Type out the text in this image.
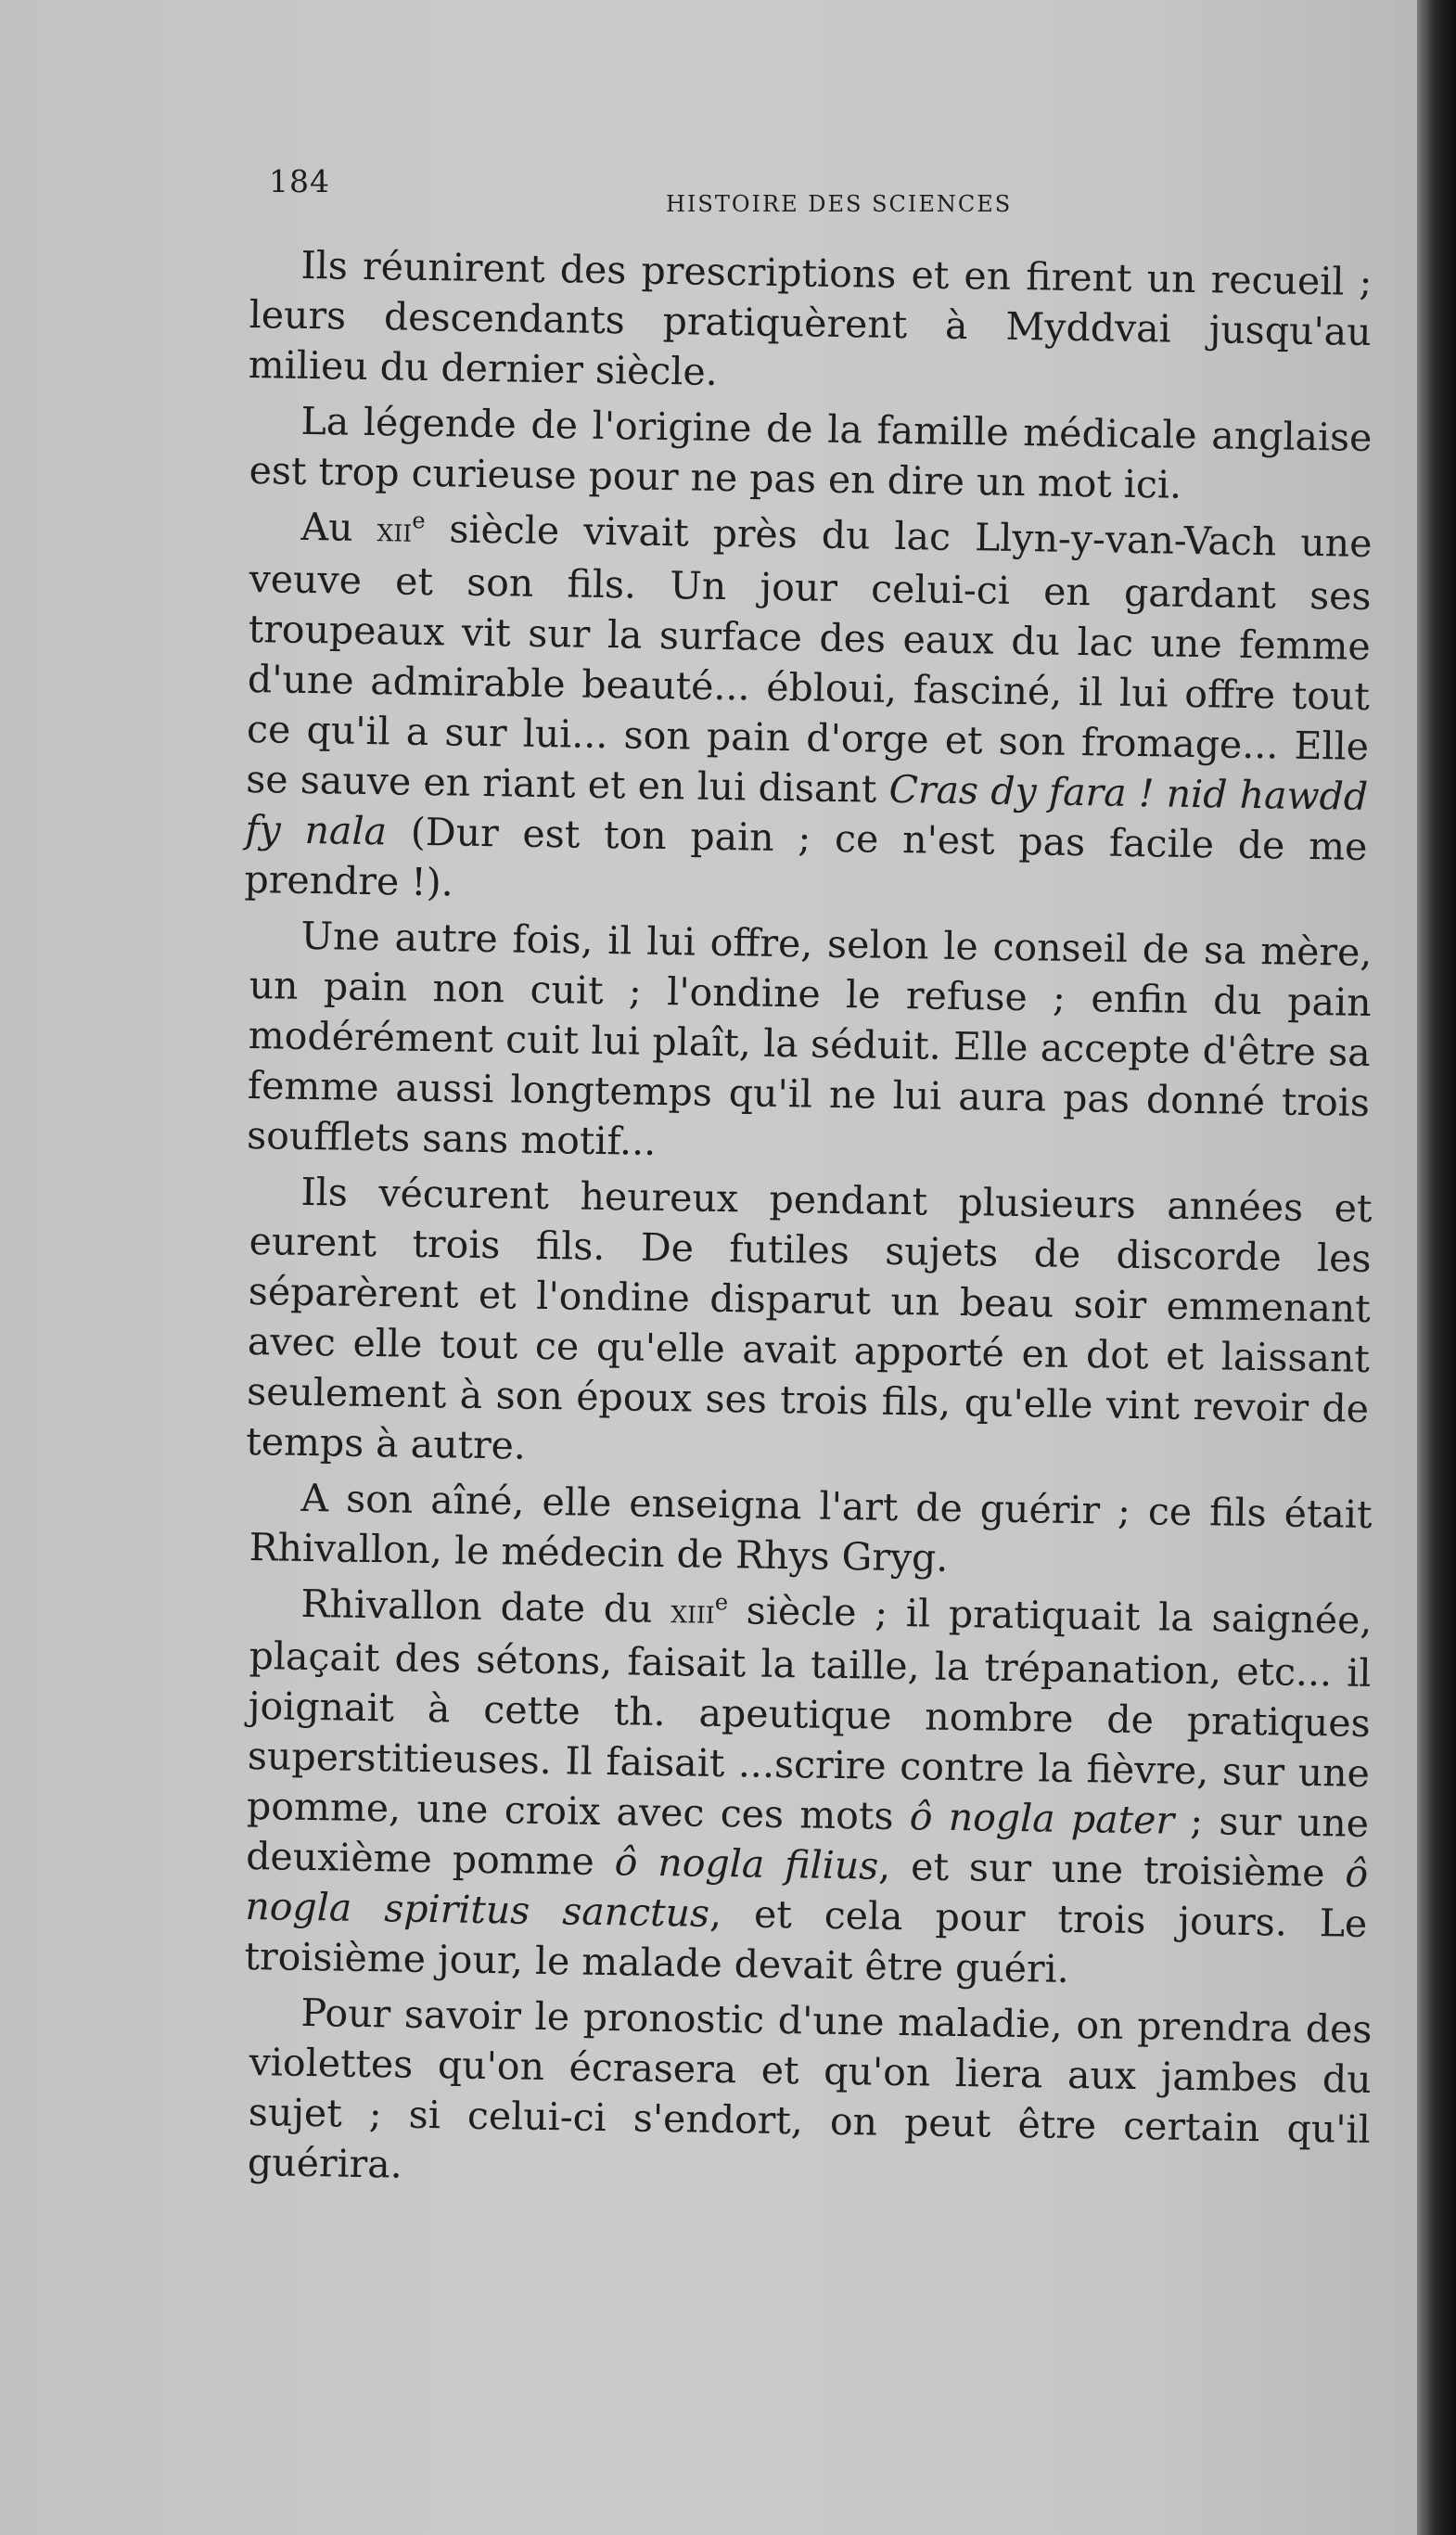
184
HISTOIRE DES SCIENCES

Ils réunirent des prescriptions et en firent un recueil ; leurs descendants pratiquèrent à Myddvai jusqu'au milieu du dernier siècle.

La légende de l'origine de la famille médicale anglaise est trop curieuse pour ne pas en dire un mot ici.

Au xii$^e$ siècle vivait près du lac Llyn-y-van-Vach une veuve et son fils. Un jour celui-ci en gardant ses troupeaux vit sur la surface des eaux du lac une femme d'une admirable beauté... ébloui, fasciné, il lui offre tout ce qu'il a sur lui... son pain d'orge et son fromage... Elle se sauve en riant et en lui disant Cras dy fara ! nid hawdd fy nala (Dur est ton pain ; ce n'est pas facile de me prendre !).

Une autre fois, il lui offre, selon le conseil de sa mère, un pain non cuit ; l'ondine le refuse ; enfin du pain modérément cuit lui plaît, la séduit. Elle accepte d'être sa femme aussi longtemps qu'il ne lui aura pas donné trois soufflets sans motif...

Ils vécurent heureux pendant plusieurs années et eurent trois fils. De futiles sujets de discorde les séparèrent et l'ondine disparut un beau soir emmenant avec elle tout ce qu'elle avait apporté en dot et laissant seulement à son époux ses trois fils, qu'elle vint revoir de temps à autre.

A son aîné, elle enseigna l'art de guérir ; ce fils était Rhivallon, le médecin de Rhys Gryg.

Rhivallon date du xiii$^e$ siècle ; il pratiquait la saignée, plaçait des sétons, faisait la taille, la trépanation, etc... il joignait à cette th. apeutique nombre de pratiques superstitieuses. Il faisait ...scrire contre la fièvre, sur une pomme, une croix avec ces mots ô nogla pater ; sur une deuxième pomme ô nogla filius, et sur une troisième ô nogla spiritus sanctus, et cela pour trois jours. Le troisième jour, le malade devait être guéri.

Pour savoir le pronostic d'une maladie, on prendra des violettes qu'on écrasera et qu'on liera aux jambes du sujet ; si celui-ci s'endort, on peut être certain qu'il guérira.
